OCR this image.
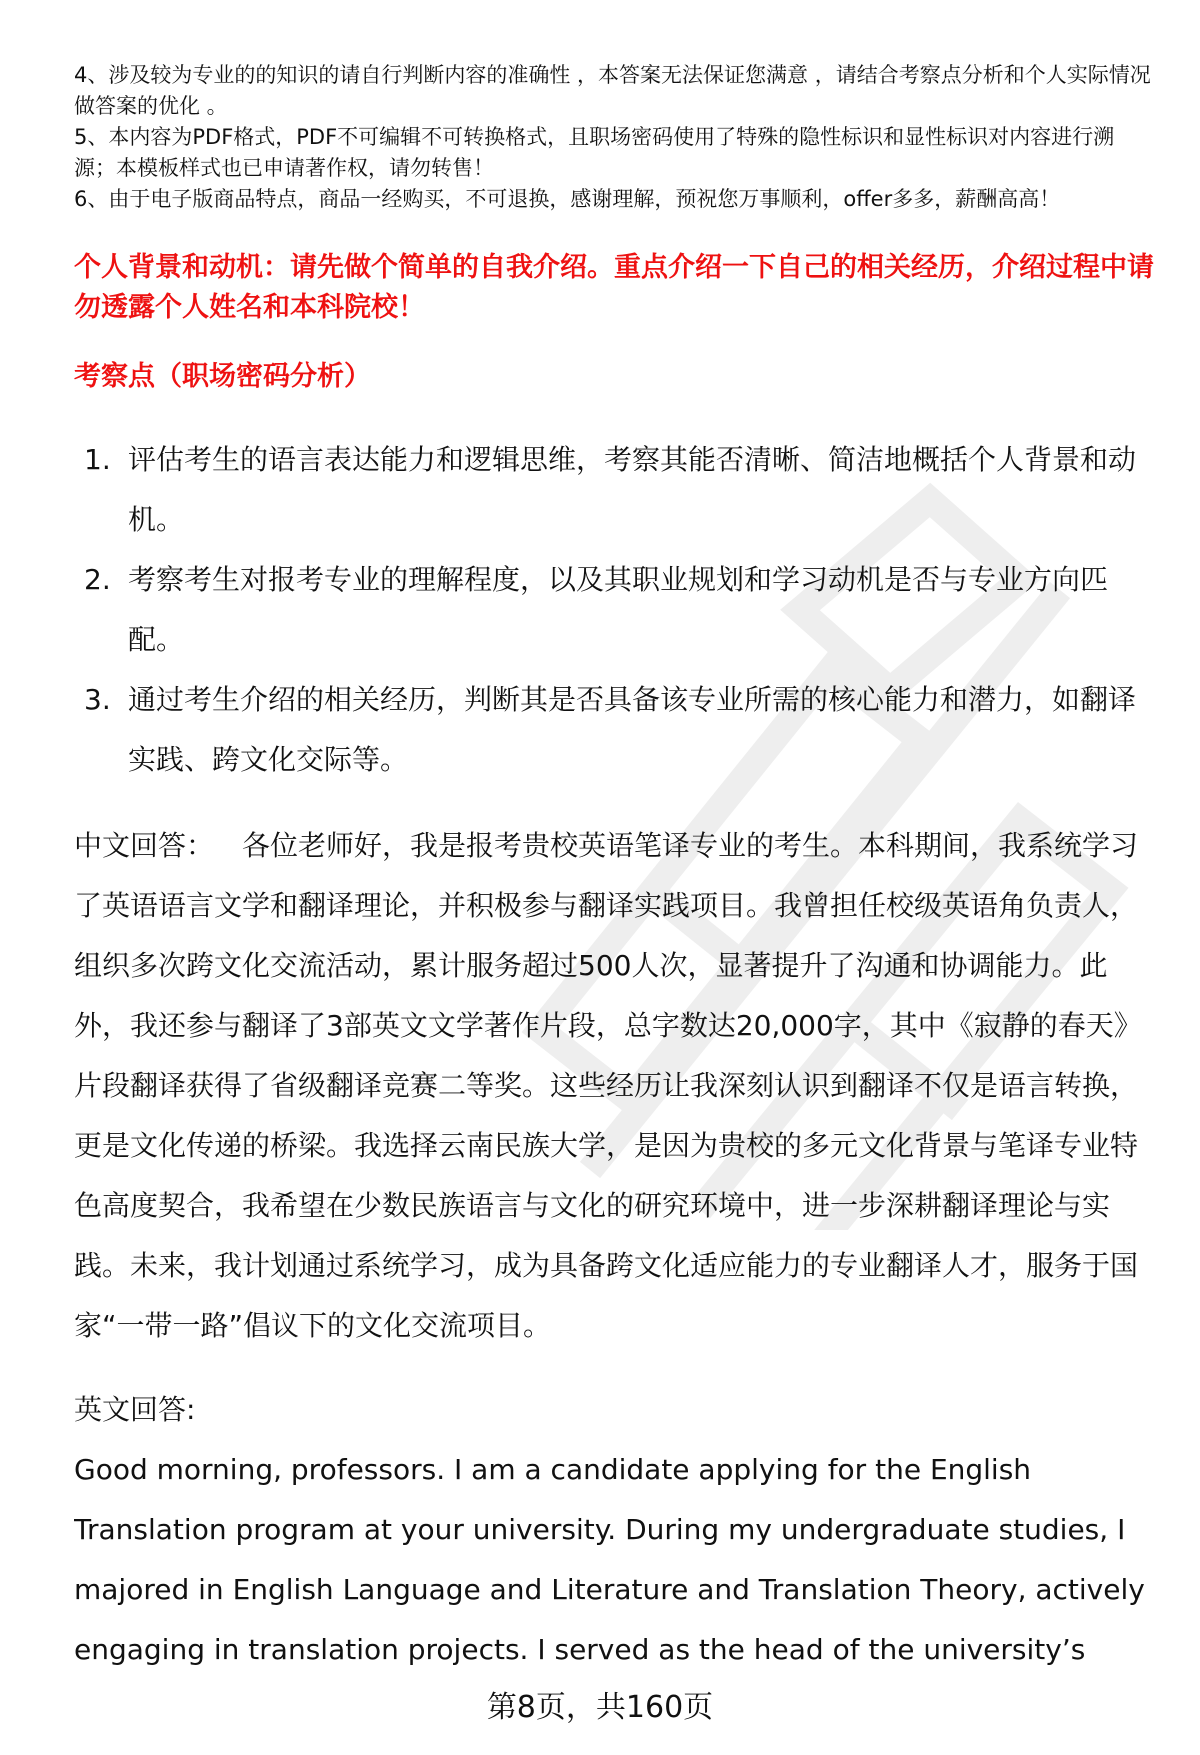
4、涉及较为专业的的知识的请自行判断内容的准确性 ，本答案无法保证您满意 ，请结合考察点分析和个人实际情况做答案的优化 。

5、本内容为PDF格式，PDF不可编辑不可转换格式，且职场密码使用了特殊的隐性标识和显性标识对内容进行溯源；本模板样式也已申请著作权，请勿转售！

6、由于电子版商品特点，商品一经购买，不可退换，感谢理解，预祝您万事顺利，offer多多，薪酬高高！

个人背景和动机：请先做个简单的自我介绍。重点介绍一下自己的相关经历，介绍过程中请勿透露个人姓名和本科院校！

考察点（职场密码分析）

1. 评估考生的语言表达能力和逻辑思维，考察其能否清晰、简洁地概括个人背景和动机。
2. 考察考生对报考专业的理解程度，以及其职业规划和学习动机是否与专业方向匹配。
3. 通过考生介绍的相关经历，判断其是否具备该专业所需的核心能力和潜力，如翻译实践、跨文化交际等。

中文回答： 各位老师好，我是报考贵校英语笔译专业的考生。本科期间，我系统学习了英语语言文学和翻译理论，并积极参与翻译实践项目。我曾担任校级英语角负责人，组织多次跨文化交流活动，累计服务超过500人次，显著提升了沟通和协调能力。此外，我还参与翻译了3部英文文学著作片段，总字数达20,000字，其中《寂静的春天》片段翻译获得了省级翻译竞赛二等奖。这些经历让我深刻认识到翻译不仅是语言转换，更是文化传递的桥梁。我选择云南民族大学，是因为贵校的多元文化背景与笔译专业特色高度契合，我希望在少数民族语言与文化的研究环境中，进一步深耕翻译理论与实践。未来，我计划通过系统学习，成为具备跨文化适应能力的专业翻译人才，服务于国家“一带一路”倡议下的文化交流项目。

英文回答:

Good morning, professors. I am a candidate applying for the English Translation program at your university. During my undergraduate studies, I majored in English Language and Literature and Translation Theory, actively engaging in translation projects. I served as the head of the university’s

第8页，共160页
